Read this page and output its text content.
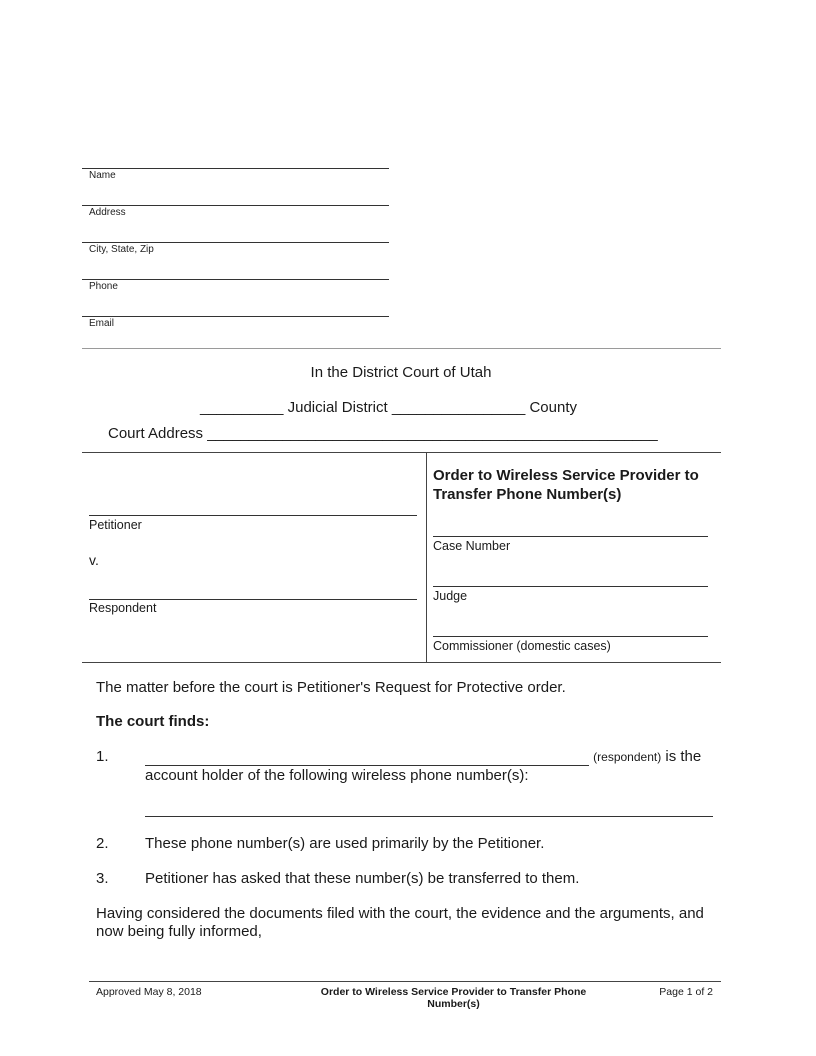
Name
Address
City, State, Zip
Phone
Email
In the District Court of Utah
__________ Judicial District ________________ County
Court Address ______________________________________________________
Petitioner
v.
Respondent
Order to Wireless Service Provider to Transfer Phone Number(s)
Case Number
Judge
Commissioner (domestic cases)
The matter before the court is Petitioner's Request for Protective order.
The court finds:
1.	(respondent) is the
account holder of the following wireless phone number(s):
2. These phone number(s) are used primarily by the Petitioner.
3. Petitioner has asked that these number(s) be transferred to them.
Having considered the documents filed with the court, the evidence and the arguments, and now being fully informed,
Approved May 8, 2018	Order to Wireless Service Provider to Transfer Phone Number(s)
Page 1 of 2
